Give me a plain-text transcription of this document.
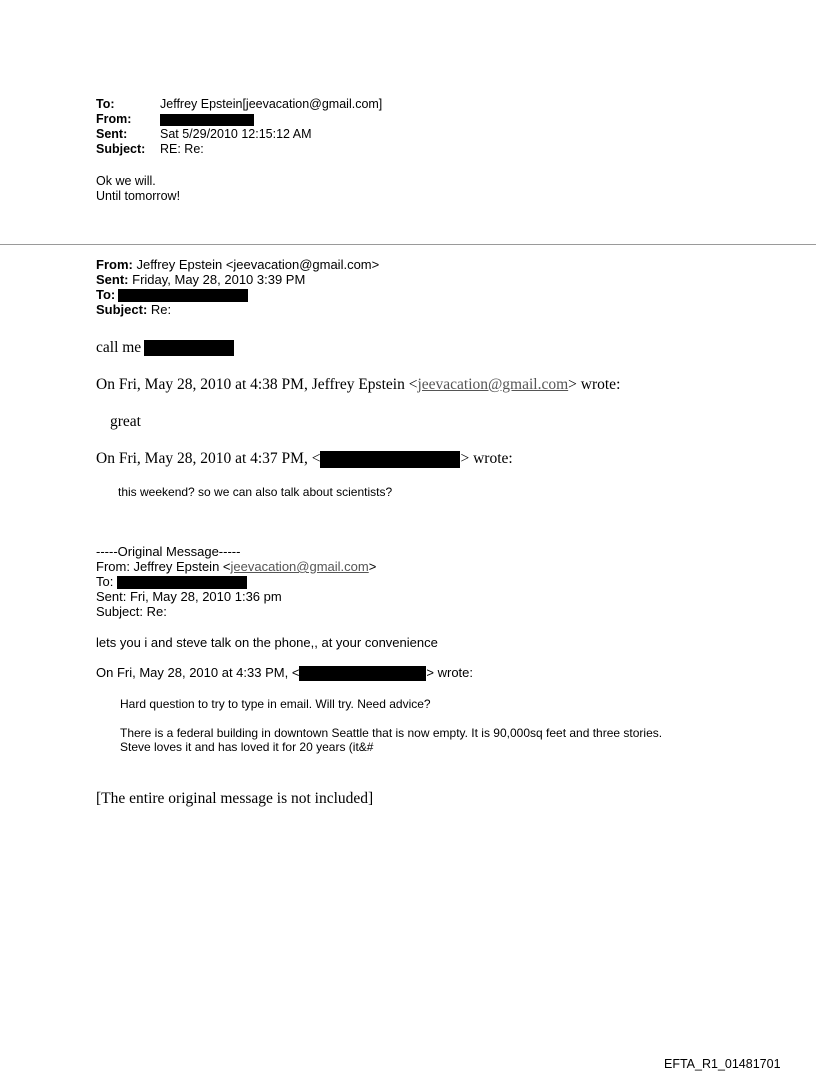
To:	Jeffrey Epstein[jeevacation@gmail.com]
From:
Sent:	Sat 5/29/2010 12:15:12 AM
Subject: RE: Re:
Ok we will.
Until tomorrow!
From: Jeffrey Epstein <jeevacation@gmail.com>
Sent: Friday, May 28, 2010 3:39 PM
To:
Subject: Re:
call me
On Fri, May 28, 2010 at 4:38 PM, Jeffrey Epstein <jeevacation@gmail.com> wrote:
great
On Fri, May 28, 2010 at 4:37 PM, <	> wrote:
this weekend? so we can also talk about scientists?
-----Original Message-----
From: Jeffrey Epstein <jeevacation@gmail.com>
To:
Sent: Fri, May 28, 2010 1:36 pm
Subject: Re:
lets you i and steve talk on the phone,, at your convenience
On Fri, May 28, 2010 at 4:33 PM, <	> wrote:
Hard question to try to type in email. Will try. Need advice?
There is a federal building in downtown Seattle that is now empty. It is 90,000sq feet and three stories.
Steve loves it and has loved it for 20 years (it&#
[The entire original message is not included]
EFTA_R1_01481701
